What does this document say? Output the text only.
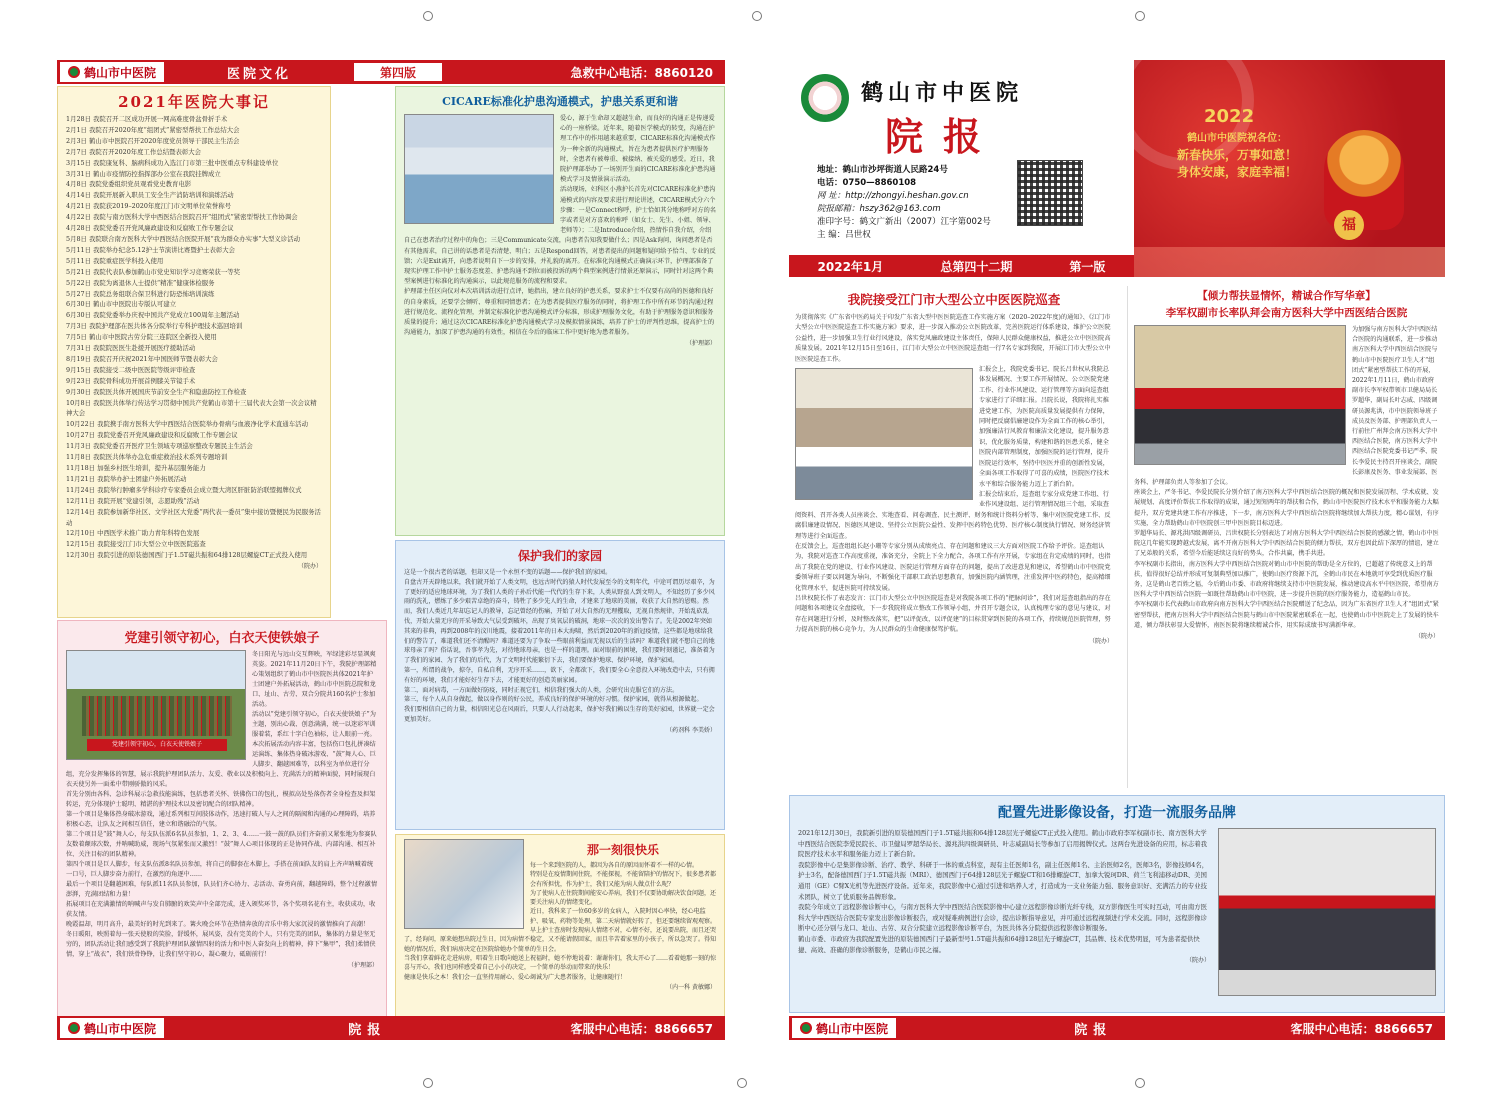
鹤山市中医院	医院文化	第四版	急救中心电话：8860120
2021年医院大事记
1月28日 我院召开二区成功开展一网高难度骨盆骨折手术
2月1日 我院召开2020年度“组团式”紧密型帮扶工作总结大会
2月3日 鹤山市中医院召开2020年度党员领导干部民主生活会
2月7日 我院召开2020年度工作总结暨表彰大会
3月15日 我院康复科、脑病科成功入选江门市第三批中医重点专科建设单位
3月31日 鹤山市疫情防控指挥部办公室在我院挂牌成立
4月8日 我院党委组织党员观看党史教育电影
4月14日 我院开展新入职员工安全生产消防培训和演练活动
4月21日 我院获2019–2020年度江门市文明单位荣誉称号
4月22日 我院与南方医科大学中西医结合医院召开“组团式”紧密型帮扶工作协调会
4月28日 我院党委召开党风廉政建设和反腐败工作专题会议
5月8日 我院联合南方医科大学中西医结合医院开展“我为群众办实事”大型义诊活动
5月11日 我院举办纪念5.12护士节演讲比赛暨护士表彰大会
5月11日 我院重症医学科投入使用
5月21日 我院代表队参加鹤山市党史知识学习竞赛荣获一等奖
5月22日 我院为离退休人士提供“精准”健康体检服务
5月27日 我院总务组联合保卫科进行防恐怖培训演练
6月30日 鹤山市中医院出专版认可建立
6月30日 我院党委举办庆祝中国共产党成立100周年主题活动
7月3日 我院护理部在医共体各分院举行专科护理技术巡回培训
7月5日 鹤山市中医院古劳分院三连院区全新投入使用
7月31日 我院院医医生赴援开展医疗援助活动
8月19日 我院召开庆祝2021年中国医师节暨表彰大会
9月15日 我院接受二级中医医院等级评审检查
9月23日 我院骨科成功开展首例膝关节镜手术
9月30日 我院医共体开展国庆节前安全生产和隐患防控工作检查
10月8日 我院医共体举行传达学习贯彻中国共产党鹤山市第十三届代表大会第一次会议精神大会
10月22日 我院携手南方医科大学中西医结合医院举办骨病与血液净化学术直通车活动
10月27日 我院党委召开党风廉政建设和反腐败工作专题会议
11月3日 我院党委召开医疗卫生领域专项巡察整改专题民主生活会
11月8日 我院医共体举办急危重症救治技术系列专题培训
11月18日 加强乡村医生培训，提升基层服务能力
11月21日 我院举办护士团建户外拓展活动
11月24日 我院举行肿瘤多学科诊疗专家委员会成立暨大湾区肝脏防治联盟揭牌仪式
12月11日 我院开展“党建引领，志愿助残”活动
12月14日 我院参加新华社区、文学社区大党委“两代表一委员”集中接访暨便民为民服务活动
12月10日 中西医学术推广助力青年科特色发展
12月15日 我院接受江门市大型公立中医医院巡查
12月30日 我院引进的原装德国西门子1.5T磁共振和64排128层螺旋CT正式投入使用
（院办）
党建引领守初心，白衣天使铁娘子
党建引领守初心，白衣天使铁娘子

冬日阳光与远山交互辉映，军绿迷彩尽显飒爽英姿。2021年11月20日下午，我院护理部精心策划组织了鹤山市中医院医共体2021年护士团建户外拓展活动，鹤山市中医院总院和龙口、址山、古劳、双合分院共160名护士参加活动。

活动以“党建引领守初心，白衣天使铁娘子”为主题，别出心裁、创意满满，统一以迷彩军训服着装，系红十字白色袖标，让人眼前一亮。本次拓展活动内容丰富，包括伤口包扎拼凑结运演练、集体热身破冰游戏、“鼓”舞人心、巨人脚步、翻越困难等，以科室为单位进行分组，充分发挥集体的智慧，展示我院护理团队活力、友爱、敬业以及积极向上、充满活力的精神面貌，同时展现白衣天使另外一面柔中带刚骄傲的风采。

首先分别由各科、急诊科展示急救技能演练，包括患者关怀、铁佛伤口的包扎，模拟高处坠落伤者全身检查及担架转运，充分体现护士聪明、精湛的护理技术以及密切配合的团队精神。

第一个项目是集体热身破冰游戏，通过系列相互间肢体动作，迅速打破人与人之间的隔阂和沟通的心理障碍，培养积极心态，让队友之间相互信任，建立和谐融洽的气氛。

第二个项目是“鼓”舞人心，每支队伍派6名队员参加，1、2、3、4……一鼓一鼓的队员们齐奋前又紧张地为参赛队友数着颠球次数，并呐喊助威，现场气氛紧张而又激烈！“鼓”舞人心项目体现的正是协同作战、内部沟通、相互补位、关注目标的团队精神。

第四个项目是巨人脚步，每支队伍派8名队员参加，将自己的脚套在木脚上，手搭在前面队友的肩上齐声呐喊着统一口号，巨人脚步奋力前行，在激烈的角逐中……

最后一个项目是翻越困难，每队派11名队员参加，队员们齐心协力、志活动、奋勇向前，翻越障碍，整个过程激情澎湃，充满团结和力量！

拓展项目在充满激情的呐喊声与发自肺腑的欢笑声中全部完成，进入颁奖环节，各个奖项名花有主，收获成功，收获友情。

晚霞温却，明月高升，最美好的时光到来了。篝火晚会环节在热情奔放的音乐中将大家沉浸的激情推向了高潮！

冬日暖阳，映照着每一张天使般的笑脸，舒缓怀，展风姿，没有完美的个人，只有完美的团队，集体的力量是坚无穷的，团队活动让我们感受到了我院护理团队激情四射的活力和中医人奋发向上的精神，抑下“集甲”，我们柔情侠情，穿上“战衣”，我们铁骨铮铮，让我们坚守初心，凝心聚力，砥砺前行！

（护理部）
CICARE标准化护患沟通模式，护患关系更和谐

爱心，源于生命却又超越生命，而良好的沟通正是传递爱心的一座桥梁。近年来，随着医学模式的转变，沟通在护理工作中的作用越来越重要，CICARE标准化沟通模式作为一种全新的沟通模式，旨在为患者提供医疗护理服务时，全患者有被尊重、被接纳、被关爱的感受。近日，我院护理部举办了一场别开生面的CICARE标准化护患沟通模式学习及情景演示活动。

活动现场，妇科区小燕护长首先对CICARE标准化护患沟通模式的内容及要求进行理论讲述，CICARE模式分六个步骤：一是Connect称呼，护士恰如其分地称呼对方的名字或者是对方喜欢的称呼（如女士、先生、小姐、领导、老师等）；二是Introduce介绍，热情作自我介绍，介绍自己在患者治疗过程中的角色；三是Communicate交流，向患者告知我要做什么；四是Ask询问，询问患者是否有其他需求，自己讲的话患者是否清楚、明白；五是Respond回答，对患者提出的问题和疑问给予恰当、专业的反馈；六是Exit离开，向患者说明自下一步的安排，并礼貌的离开。在标准化沟通模式正确演示环节，护理部准备了现实护理工作中护士服务态度差、护患沟通不到位而被投诉的两个典型案例进行情景还原演示，同时针对这两个典型案例进行标准化的沟通演示，以此规范服务的流程和要求。

护理部主任区向仪对本次培训活动进行点评，她指出，建立良好的护患关系，要求护士不仅要有高尚的医德和良好的自身素质，还要学会倾听、尊重和同情患者；在为患者提供医疗服务的同时，将护理工作中所有环节的沟通过程进行规范化、流程化管理，并制定标准化护患沟通模式评分标准，形成护理服务文化，有助于护理服务意识和服务质量的提升；通过这次CICARE标准化护患沟通模式学习及模拟情景演练，培养了护士的评判性思维，提高护士的沟通能力，加深了护患沟通的有效性，相信在今后的临床工作中更好地为患者服务。

（护理部）
保护我们的家园

这是一个很古老的话题，但却又是一个永恒不变的话题——保护我们的家园。

自盘古开天辟地以来，我们就开始了人类文明，也远古时代的猿人时代发展至今的文明年代，中途可谓历尽艰辛，为了更好的适应地球环境，为了我们人类的子孙后代能一代代的生存下来，人类从野蛮人到文明人，不知经历了多少风雨的洗礼，燃炼了多少艰苦卓绝的奋斗，铸牲了多少先人的生命，才建来了地球的美丽，收获了大自然的恩赐。然而，我们人类近几年却忘记人的教导，忘记曾经的伤痛，开始了对大自然的无理攫取，无视自然规律，开始乱砍乱伐，开始大量无序的开采导致大气层受到破坏，出现了臭氧层的破洞，地球一次次的发出警告了。先是2002年突如其来的非典，再到2008年的汶川地震，接着2011年的日本大海啸，然后到2020年的新冠疫情，这些都是地球给我们的警告了，难道我们还不清醒吗？难道还要为了争取一些眼前利益而无视以后的生活吗？难道我们就不想自己的地球母亲了吗？俗话说，吾事孝为先，对待地球母亲，也是一样的道理。面对眼前的困境，我们要时刻谨记，准备着为了我们的家园、为了我们的后代，为了文明时代能繁衍下去，我们要保护地球、保护环境，保护家园。

第一，所谓的战争，掠夺，自私自利，无序开采……，欲下，全都欲下，我们要全心全意投入环境改造中去，只有拥有好的环境，我们才能好好生存下去，才能更好的创造美丽家园。

第二，面对病毒，一方面做好防疫，同时正视它们，相信我们强大的人类，会研究出克服它们的方法。

第三，每个人从自身做起，做以身作则的好公民，养成良好的保护环境的好习惯。保护家园，就得从根源做起。

我们要相信自己的力量，相信阳光总在风雨后，只要人人行动起来，保护好我们赖以生存的美好家园，世界就一定会更加美好。

（药剂科 李美娇）
那一刻很快乐

每一个来到医院的人，都因为各自的原因而怀着不一样的心情。

特别是在疫情期间住院，不能探视，不能留陪护的情况下，很多患者都会有所担忧，作为护士，我们又能为病人做点什么呢？

为了使病人在住院期间能安心养病，我们不仅要协助解决饮食问题，还要关注病人的情绪变化。

近日，我科来了一位60多岁的女病人，入院时因心率快，经心电监护、吸氧、药物等处理，第二天病情就好转了，但还要继续留观观察。早上护士查房时发现病人情绪不对，心情不好，还说要出院，而且还哭了，经询问，原来她想出院过生日，因为病情不稳定，又不能请假回家，而且辛苦着家里的小孩子，所以急哭了。得知她的情况后，我们病房决定在医院给她办个简单的生日会。

当我们拿着鲜花走进病房，唱着生日歌向她送上祝福时，她不停地说着：谢谢你们，我太开心了……看着她那一刻的惊喜与开心，我们也同样感受着自己小小的决定，一个简单的举动而带来的快乐！

健康是快乐之本！我们会一直坚持用耐心、爱心竭诚为广大患者服务，让健康随行！

（内一科 黄敏娜）
鹤山市中医院	院报	客服中心电话：8866657
鹤山市中医院
院报
地址：鹤山市沙坪街道人民路24号
电话：0750—8860108
网 址：http://zhongyi.heshan.gov.cn
院报邮箱：hszy362@163.com
准印字号：鹤文广新出（2007）江字第002号
主 编：吕世权
2022年1月	总第四十二期	第一版
2022
鹤山市中医院祝各位：
新春快乐，万事如意！
身体安康，家庭幸福！
福
我院接受江门市大型公立中医医院巡查

为贯彻落实《广东省中医药局关于印发广东省大型中医医院巡查工作实施方案（2020–2022年度)的通知》、《江门市大型公立中医医院巡查工作实施方案》要求，进一步深入推动公立医院改革，完善医院运行体系建设，维护公立医院公益性，进一步加强卫生行业行风建设，落实党风廉政建设主体责任，保障人民群众健康权益，推进公立中医医院高质量发展。2021年12月15日至16日，江门市大型公立中医医院巡查组一行7名专家到我院，开展江门市大型公立中医医院巡查工作。

汇报会上，我院党委书记、院长吕世权从我院总体发展概况、主要工作开展情况、公立医院党建工作、行业作风建设、运行管理等方面向巡查组专家进行了详细汇报。吕院长说，我院将扎实推进党建工作，为医院高质量发展提供有力保障，同时把反腐倡廉建设作为全面工作的核心举引，加强廉洁行风教育和廉洁文化建设，提升服务意识，优化服务质量，构建和谐的医患关系，健全医院内部管理制度，加强医院的运行管理，提升医院运行效率，坚持中医医并重的创新性发展，全面各项工作取得了可喜的成绩，医院医疗技术水平和综合服务能力迈上了新台阶。

汇报会结束后，巡查组专家分成党建工作组、行业作风建设组、运行管理情况组三个组，采取查阅资料、召开各类人员座谈会、实地查看、问卷调查、民主测评、财务和统计资料分析等、集中对医院党建工作、反腐倡廉建设情况、医德医风建设、坚持公立医院公益性、发挥中医药特色优势、医疗核心制度执行情况、财务经济管理等进行全面巡查。

在反馈会上，巡查组组长赵小珊等专家分别从成绩亮点、存在问题和建议三大方面对医院工作给予评价。巡查组认为，我院对巡查工作高度重视，准备充分，全院上下全力配合，各项工作有序开展，专家组在肯定成绩的同时，也指出了我院在党的建设、行业作风建设、医院运行管理方面存在的问题，提出了改进意见和建议，希望鹤山市中医院党委领导班子要以问题为导向，不断强化干部职工政治思想教育，加强医院内涵管理，注重发挥中医药特色，提高精细化管理水平，促进医院可持续发展。

吕世权院长作了表态发言：江门市大型公立中医医院巡查是对我院各项工作的“把脉问诊”，我们对巡查组指出的存在问题和各项建议全盘接收，下一步我院将成立整改工作领导小组，并召开专题会议，认真梳理专家的意见与建议，对存在问题进行分析，及时整改落实，把“以评促改，以评促建”的目标贯穿到医院的各项工作，持续规范医院管理，努力提高医院的核心竞争力，为人民群众的生命健康保驾护航。

（院办）
【倾力帮扶显情怀，精诚合作写华章】
李军权副市长率队拜会南方医科大学中西医结合医院

为加强与南方医科大学中西医结合医院的沟通联系，进一步推动南方医科大学中西医结合医院与鹤山市中医院医疗卫生人才“组团式”紧密型帮扶工作的开展，2022年1月11日，鹤山市政府副市长李军权带领市卫健局局长罗超华，副局长叶志威、四级调研员源兆洪，市中医院领导班子成员及医务部、护理部负责人一行前往广州拜会南方医科大学中西医结合医院，南方医科大学中西医结合医院党委书记严季、院长李爱民主持召开座谈会，副院长彭康及医务、事业发展部、医务科、护理部负责人等参加了会议。

座谈会上，严冬书记、李爱民院长分别介绍了南方医科大学中西医结合医院的概况和医院发展历程、学术成就、发展规划、高度评价帮扶工作取得的成果，通过短短两年的帮扶和合作，鹤山市中医院医疗技术水平和服务能力大幅提升，双方党建共建工作有序推进，下一步，南方医科大学中西医结合医院将继续加大帮扶力度，精心谋划，有序实施，全力帮助鹤山市中医院创三甲中医医院目标迈进。

罗超华局长、源兆洪四级调研员、吕世权院长分别表达了对南方医科大学中西医结合医院的感激之情，鹤山市中医院这几年能实现跨越式发展，离不开南方医科大学中西医结合医院的倾力帮扶，双方也因此结下深厚的情谊，建立了兄弟般的关系，希望今后能延续这良好的势头，合作共赢，携手共进。

李军权副市长指出，南方医科大学中西医结合医院对鹤山市中医院的帮助是全方位的，已超越了传统意义上的帮扶，值得很好总结并形成可复制典型加以推广，使鹤山医疗资源下沉，全鹤山市民在本地就可享受到优质医疗服务，这是鹤山老百姓之福，今后鹤山市委、市政府将继续支持市中医院发展，推动建设高水平中医医院，希望南方医科大学中西医结合医院一如既往帮助鹤山市中医院，进一步提升医院的医疗服务能力，造福鹤山市民。

李军权副市长代表鹤山市政府向南方医科大学中西医结合医院赠送了纪念品，因为广东省医疗卫生人才“组团式”紧密型帮扶，把南方医科大学中西医结合医院与鹤山市中医院紧密联系在一起，也使鹤山市中医院走上了发展的快车道，倾力帮扶彰显大爱情怀，南医医院将继续精诚合作，用实际成绩书写满新华章。

（院办）
配置先进影像设备，打造一流服务品牌

2021年12月30日，我院新引进的原装德国西门子1.5T磁共振和64排128层光子螺旋CT正式投入使用。鹤山市政府李军权副市长、南方医科大学中西医结合医院李爱民院长、市卫健局罗超华局长、源兆洪四级调研员、叶志威副局长等参加了启用揭牌仪式。这两台先进设备的应用，标志着我院医疗技术水平和服务能力迈上了新台阶。

我院影像中心是集影像诊断、治疗、教学、科研于一体的重点科室，现有主任医师1名，副主任医师1名、主治医师2名，医师3名，影像技师4名，护士3名，配备德国西门子1.5T磁共振（MRI）、德国西门子64排128层光子螺旋CT和16排螺旋CT、加拿大锐珂DR、荷兰飞利浦移动DR、美国通用（GE）C臂X光机等先进医疗设备。近年来，我院影像中心通过引进和培养人才，打造成为一支业务能力强、服务意识好、充满活力的专业技术团队，树立了优质服务品牌形象。

我院今年成立了远程影像诊断中心，与南方医科大学中西医结合医院影像中心建立远程影像诊断光纤专线，双方影像医生可实时互动，可由南方医科大学中西医结合医院专家发出影像诊断报告，或对疑难病例进行会诊，提出诊断指导意见，并可通过远程视频进行学术交流。同时，远程影像诊断中心还分别与龙口、址山、古劳、双合分院建立远程影像诊断平台，为医共体各分院提供远程影像诊断服务。

鹤山市委、市政府为我院配置先进的原装德国西门子最新型号1.5T磁共振和64排128层光子螺旋CT，其品牌、技术优势明显，可为患者提供快捷、高效、准确的影像诊断服务，是鹤山市民之福。

（院办）
鹤山市中医院	院报	客服中心电话：8866657
